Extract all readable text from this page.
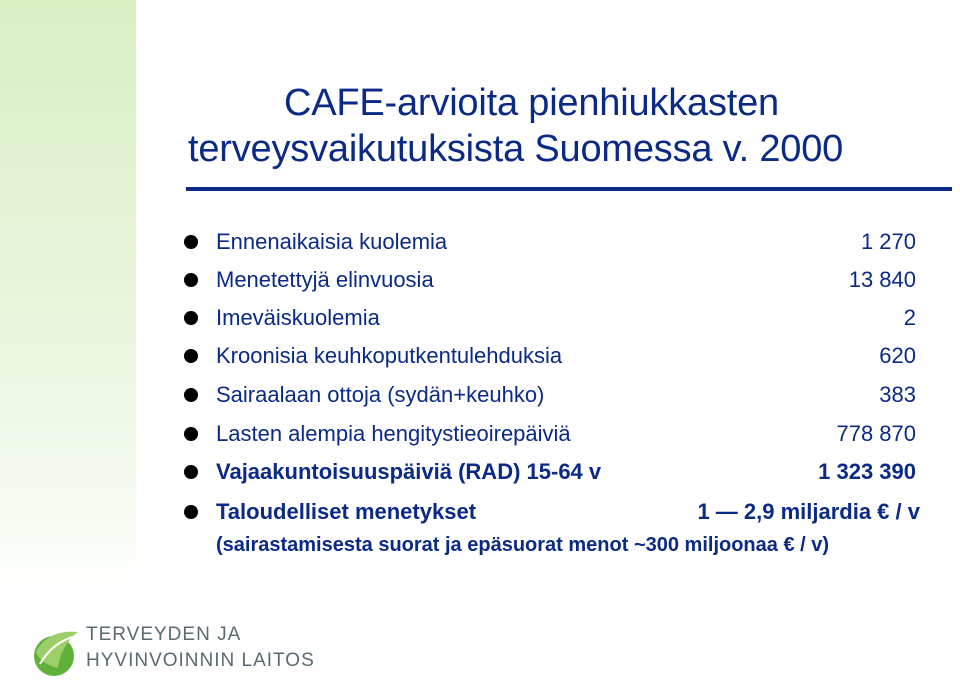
CAFE-arvioita pienhiukkasten
terveysvaikutuksista Suomessa v. 2000
Ennenaikaisia kuolemia	1 270
Menetettyjä elinvuosia	13 840
Imeväiskuolemia	2
Kroonisia keuhkoputkentulehduksia	620
Sairaalaan ottoja (sydän+keuhko)	383
Lasten alempia hengitystieoirepäiviä	778 870
Vajaakuntoisuuspäiviä (RAD) 15-64 v	1 323 390
Taloudelliset menetykset	1 — 2,9 miljardia € / v
(sairastamisesta suorat ja epäsuorat menot ~300 miljoonaa € / v)
TERVEYDEN JA
HYVINVOINNIN LAITOS
